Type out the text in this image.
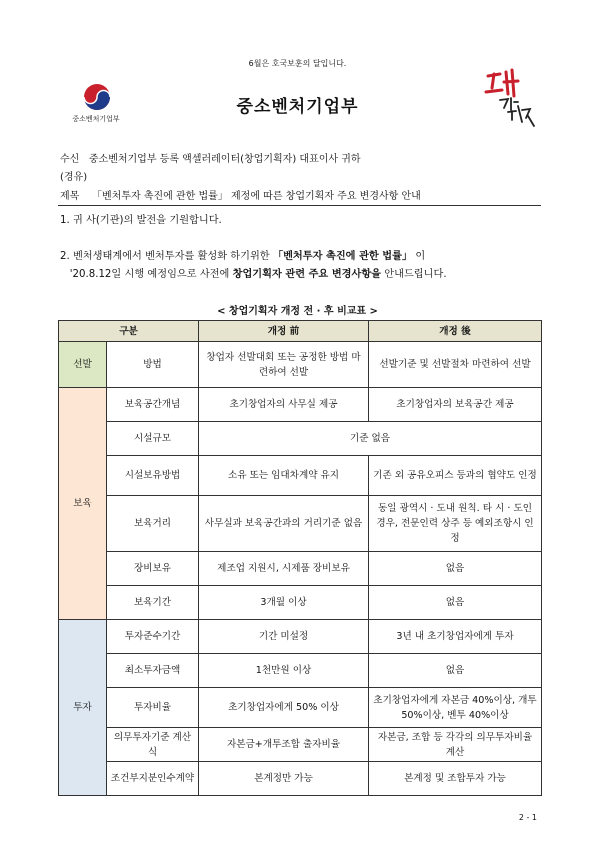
6월은 호국보훈의 달입니다.
중소벤처기업부
중소벤처기업부
수신 중소벤처기업부 등록 액셀러레이터(창업기획자) 대표이사 귀하
(경유)
제목 「벤처투자 촉진에 관한 법률」 제정에 따른 창업기획자 주요 변경사항 안내
1. 귀 사(기관)의 발전을 기원합니다.
2. 벤처생태계에서 벤처투자를 활성화 하기위한 「벤처투자 촉진에 관한 법률」 이
'20.8.12일 시행 예정임으로 사전에 창업기획자 관련 주요 변경사항을 안내드립니다.
< 창업기획자 개정 전 · 후 비교표 >
구분		개정 前	개정 後
선발	방법	창업자 선발대회 또는 공정한 방법 마련하여 선발	선발기준 및 선발절차 마련하여 선발
보육	보육공간개념	초기창업자의 사무실 제공	초기창업자의 보육공간 제공
	시설규모	기준 없음	
	시설보유방법	소유 또는 임대차계약 유지	기존 외 공유오피스 등과의 협약도 인정
	보육거리	사무실과 보육공간과의 거리기준 없음	동일 광역시 · 도내 원칙. 타 시 · 도인 경우, 전문인력 상주 등 예외조항시 인정
	장비보유	제조업 지원시, 시제품 장비보유	없음
	보육기간	3개월 이상	없음
투자	투자준수기간	기간 미설정	3년 내 초기창업자에게 투자
	최소투자금액	1천만원 이상	없음
	투자비율	초기창업자에게 50% 이상	초기창업자에게 자본금 40%이상, 개투 50%이상, 벤투 40%이상
	의무투자기준 계산식	자본금+개투조합 출자비율	자본금, 조합 등 각각의 의무투자비율 계산
	조건부지분인수계약	본계정만 가능	본계정 및 조합투자 가능
2 - 1
